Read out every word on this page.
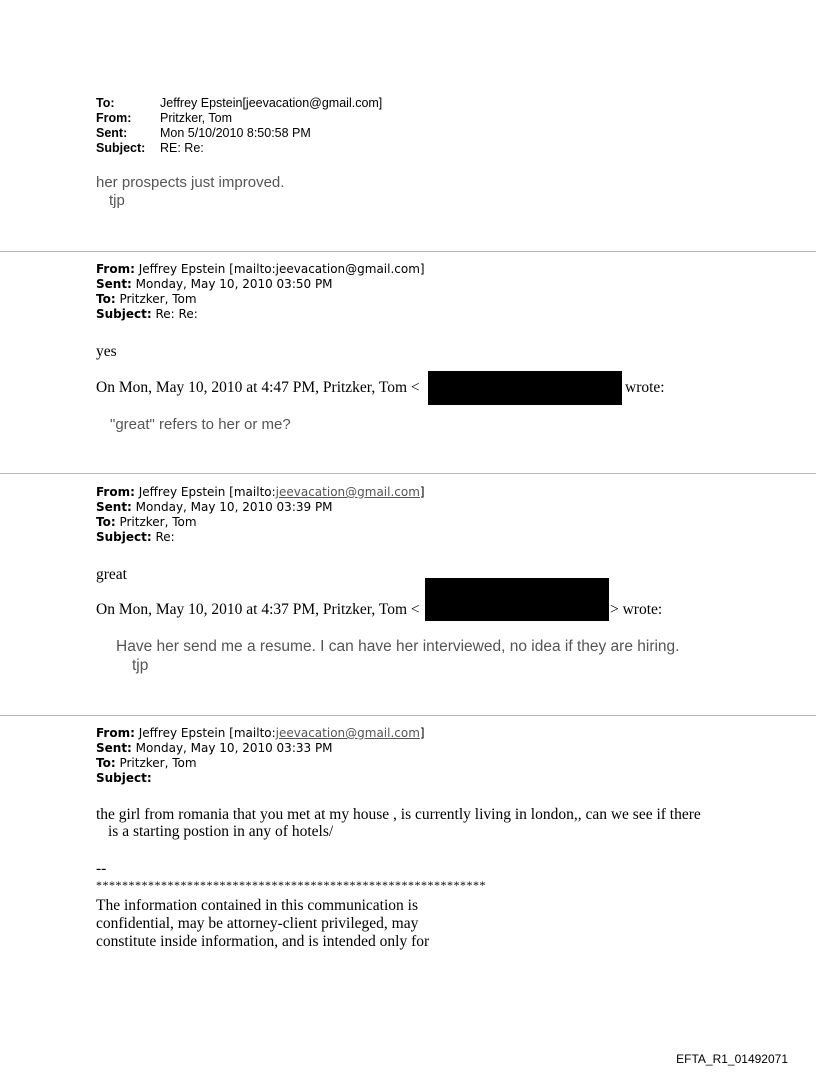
To:	Jeffrey Epstein[jeevacation@gmail.com]
From:	Pritzker, Tom
Sent:	Mon 5/10/2010 8:50:58 PM
Subject:	RE: Re:
her prospects just improved.
tjp
From: Jeffrey Epstein [mailto:jeevacation@gmail.com]
Sent: Monday, May 10, 2010 03:50 PM
To: Pritzker, Tom
Subject: Re: Re:
yes
On Mon, May 10, 2010 at 4:47 PM, Pritzker, Tom <	wrote:
"great" refers to her or me?
From: Jeffrey Epstein [mailto:jeevacation@gmail.com]
Sent: Monday, May 10, 2010 03:39 PM
To: Pritzker, Tom
Subject: Re:
great
On Mon, May 10, 2010 at 4:37 PM, Pritzker, Tom <	> wrote:
Have her send me a resume. I can have her interviewed, no idea if they are hiring.
tjp
From: Jeffrey Epstein [mailto:jeevacation@gmail.com]
Sent: Monday, May 10, 2010 03:33 PM
To: Pritzker, Tom
Subject:
the girl from romania that you met at my house , is currently living in london,, can we see if there
is a starting postion in any of hotels/
--
************************************************************
The information contained in this communication is
confidential, may be attorney-client privileged, may
constitute inside information, and is intended only for
EFTA_R1_01492071
